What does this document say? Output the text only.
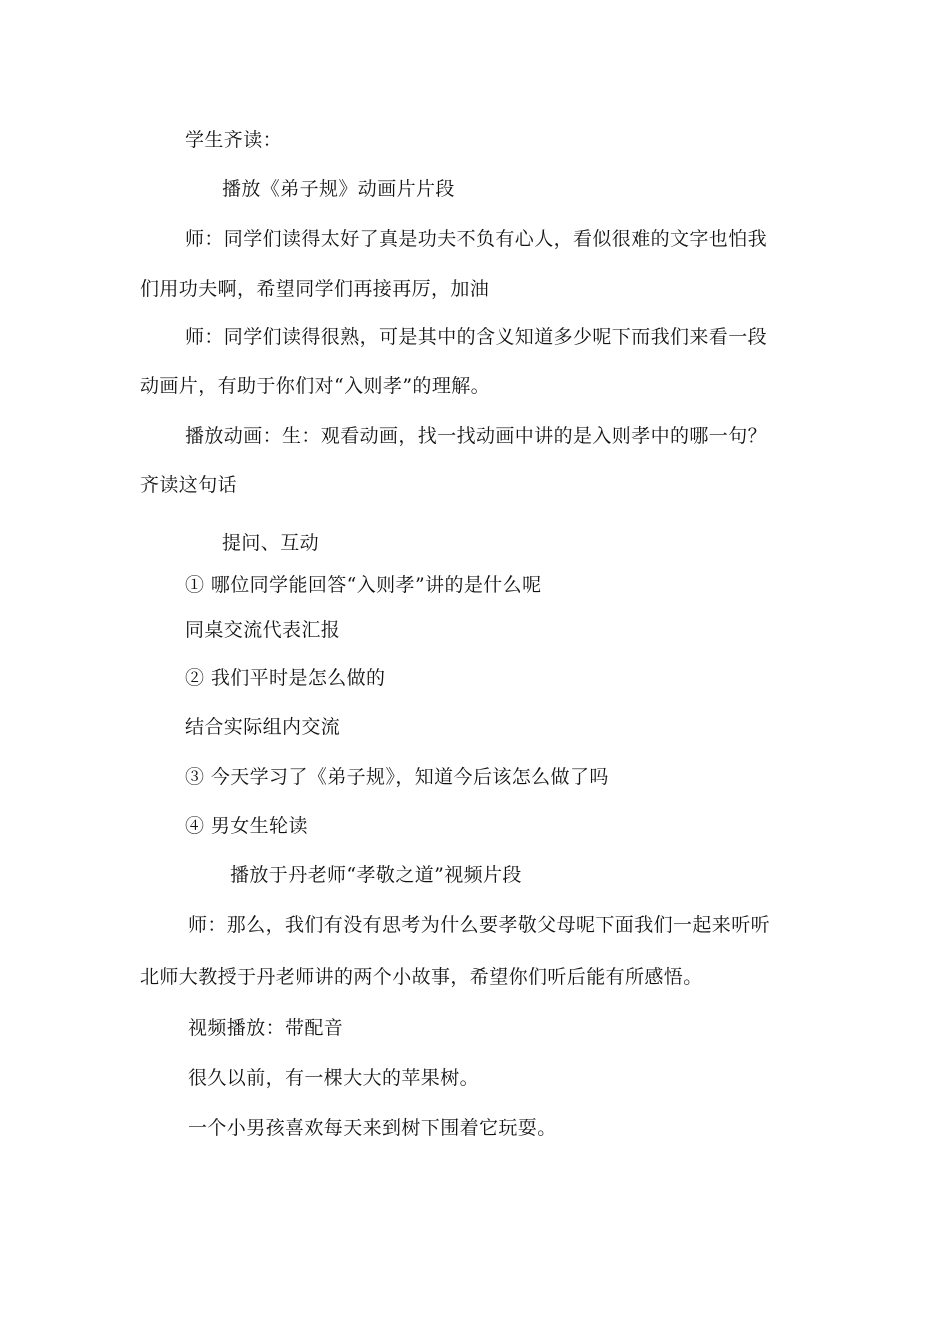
学生齐读：
播放《弟子规》动画片片段
师：同学们读得太好了真是功夫不负有心人，看似很难的文字也怕我
们用功夫啊，希望同学们再接再厉，加油
师：同学们读得很熟，可是其中的含义知道多少呢下而我们来看一段
动画片，有助于你们对“入则孝”的理解。
播放动画：生：观看动画，找一找动画中讲的是入则孝中的哪一句？
齐读这句话
提问、互动
① 哪位同学能回答“入则孝”讲的是什么呢
同桌交流代表汇报
② 我们平时是怎么做的
结合实际组内交流
③ 今天学习了《弟子规》，知道今后该怎么做了吗
④ 男女生轮读
播放于丹老师“孝敬之道”视频片段
师：那么，我们有没有思考为什么要孝敬父母呢下面我们一起来听听
北师大教授于丹老师讲的两个小故事，希望你们听后能有所感悟。
视频播放：带配音
很久以前，有一棵大大的苹果树。
一个小男孩喜欢每天来到树下围着它玩耍。
